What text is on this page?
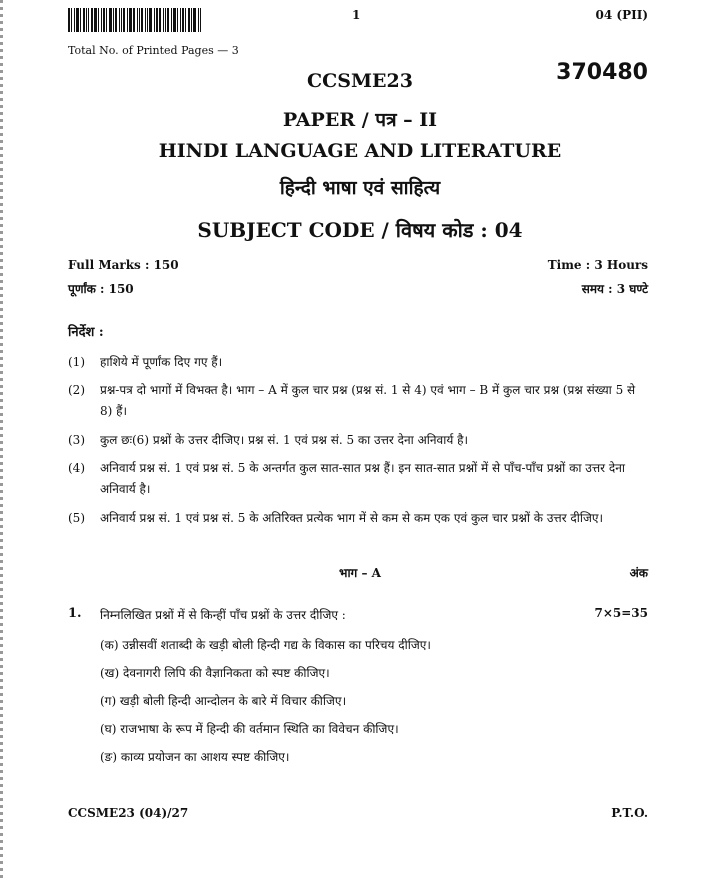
1	04 (PII)
Total No. of Printed Pages — 3
370480
CCSME23
PAPER / पत्र – II
HINDI LANGUAGE AND LITERATURE
हिन्दी भाषा एवं साहित्य
SUBJECT CODE / विषय कोड : 04
Full Marks : 150
पूर्णांक : 150
Time : 3 Hours
समय : 3 घण्टे
निर्देश :
(1)	हाशिये में पूर्णांक दिए गए हैं।
(2)	प्रश्न-पत्र दो भागों में विभक्त है। भाग – A में कुल चार प्रश्न (प्रश्न सं. 1 से 4) एवं भाग – B में कुल चार प्रश्न (प्रश्न संख्या 5 से 8) हैं।
(3)	कुल छः(6) प्रश्नों के उत्तर दीजिए। प्रश्न सं. 1 एवं प्रश्न सं. 5 का उत्तर देना अनिवार्य है।
(4)	अनिवार्य प्रश्न सं. 1 एवं प्रश्न सं. 5 के अन्तर्गत कुल सात-सात प्रश्न हैं। इन सात-सात प्रश्नों में से पाँच-पाँच प्रश्नों का उत्तर देना अनिवार्य है।
(5)	अनिवार्य प्रश्न सं. 1 एवं प्रश्न सं. 5 के अतिरिक्त प्रत्येक भाग में से कम से कम एक एवं कुल चार प्रश्नों के उत्तर दीजिए।
भाग – A	अंक
1. निम्नलिखित प्रश्नों में से किन्हीं पाँच प्रश्नों के उत्तर दीजिए :	7×5=35
(क) उन्नीसवीं शताब्दी के खड़ी बोली हिन्दी गद्य के विकास का परिचय दीजिए।
(ख) देवनागरी लिपि की वैज्ञानिकता को स्पष्ट कीजिए।
(ग) खड़ी बोली हिन्दी आन्दोलन के बारे में विचार कीजिए।
(घ) राजभाषा के रूप में हिन्दी की वर्तमान स्थिति का विवेचन कीजिए।
(ङ) काव्य प्रयोजन का आशय स्पष्ट कीजिए।
CCSME23 (04)/27	P.T.O.
